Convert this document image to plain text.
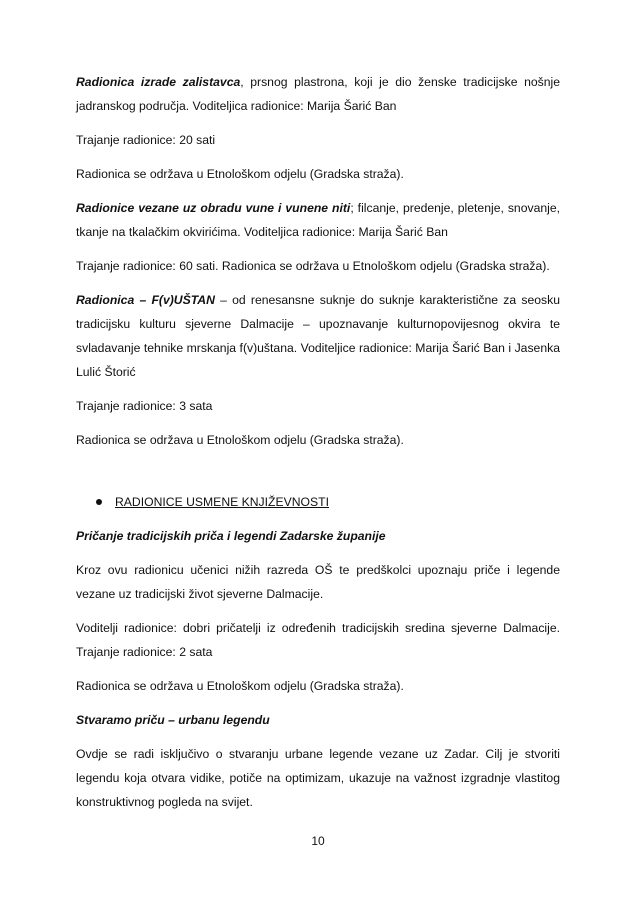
Radionica izrade zalistavca, prsnog plastrona, koji je dio ženske tradicijske nošnje jadranskog područja. Voditeljica radionice: Marija Šarić Ban

Trajanje radionice: 20 sati

Radionica se održava u Etnološkom odjelu (Gradska straža).

Radionice vezane uz obradu vune i vunene niti; filcanje, predenje, pletenje, snovanje, tkanje na tkalačkim okvirićima. Voditeljica radionice: Marija Šarić Ban

Trajanje radionice: 60 sati. Radionica se održava u Etnološkom odjelu (Gradska straža).

Radionica – F(v)UŠTAN – od renesansne suknje do suknje karakteristične za seosku tradicijsku kulturu sjeverne Dalmacije – upoznavanje kulturnopovijesnog okvira te svladavanje tehnike mrskanja f(v)uštana. Voditeljice radionice: Marija Šarić Ban i Jasenka Lulić Štorić

Trajanje radionice: 3 sata

Radionica se održava u Etnološkom odjelu (Gradska straža).

RADIONICE USMENE KNJIŽEVNOSTI

Pričanje tradicijskih priča i legendi Zadarske županije

Kroz ovu radionicu učenici nižih razreda OŠ te predškolci upoznaju priče i legende vezane uz tradicijski život sjeverne Dalmacije.

Voditelji radionice: dobri pričatelji iz određenih tradicijskih sredina sjeverne Dalmacije. Trajanje radionice: 2 sata

Radionica se održava u Etnološkom odjelu (Gradska straža).

Stvaramo priču – urbanu legendu

Ovdje se radi isključivo o stvaranju urbane legende vezane uz Zadar. Cilj je stvoriti legendu koja otvara vidike, potiče na optimizam, ukazuje na važnost izgradnje vlastitog konstruktivnog pogleda na svijet.

10
